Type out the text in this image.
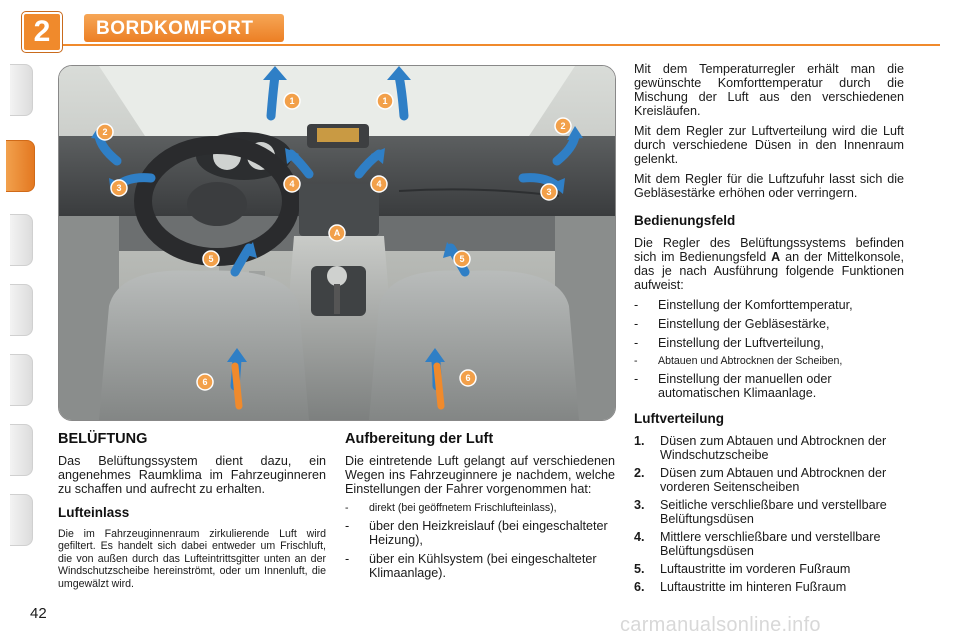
2	BORDKOMFORT
1	1
2
2
3	3
4	4
A
5	5
6	6
BELÜFTUNG

Das Belüftungssystem dient dazu, ein angenehmes Raumklima im Fahrzeuginneren zu schaffen und aufrecht zu erhalten.

Lufteinlass

Die im Fahrzeuginnenraum zirkulierende Luft wird gefiltert. Es handelt sich dabei entweder um Frischluft, die von außen durch das Lufteintrittsgitter unten an der Windschutzscheibe hereinströmt, oder um Innenluft, die umgewälzt wird.

Aufbereitung der Luft

Die eintretende Luft gelangt auf verschiedenen Wegen ins Fahrzeuginnere je nachdem, welche Einstellungen der Fahrer vorgenommen hat:

- direkt (bei geöffnetem Frischlufteinlass),
- über den Heizkreislauf (bei eingeschalteter Heizung),
- über ein Kühlsystem (bei eingeschalteter Klimaanlage).

Mit dem Temperaturregler erhält man die gewünschte Komforttemperatur durch die Mischung der Luft aus den verschiedenen Kreisläufen.

Mit dem Regler zur Luftverteilung wird die Luft durch verschiedene Düsen in den Innenraum gelenkt.

Mit dem Regler für die Luftzufuhr lasst sich die Gebläsestärke erhöhen oder verringern.

Bedienungsfeld

Die Regler des Belüftungssystems befinden sich im Bedienungsfeld A an der Mittelkonsole, das je nach Ausführung folgende Funktionen aufweist:

- Einstellung der Komforttemperatur,
- Einstellung der Gebläsestärke,
- Einstellung der Luftverteilung,
- Abtauen und Abtrocknen der Scheiben,
- Einstellung der manuellen oder automatischen Klimaanlage.
Luftverteilung
1. Düsen zum Abtauen und Abtrocknen der Windschutzscheibe
2. Düsen zum Abtauen und Abtrocknen der vorderen Seitenscheiben
3. Seitliche verschließbare und verstellbare Belüftungsdüsen
4. Mittlere verschließbare und verstellbare Belüftungsdüsen
5. Luftaustritte im vorderen Fußraum
6. Luftaustritte im hinteren Fußraum
42
carmanualsonline.info
